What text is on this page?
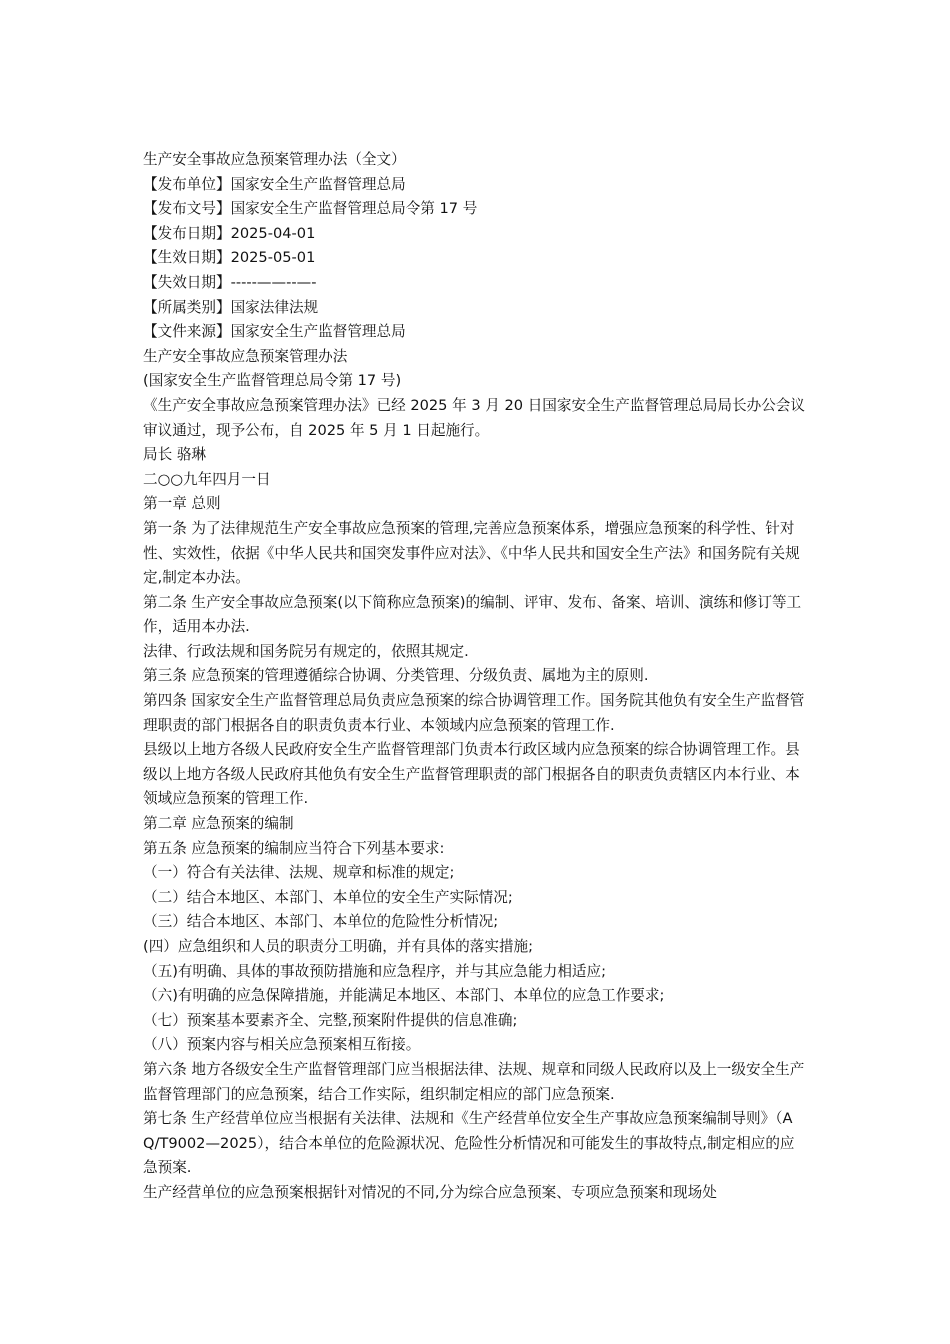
生产安全事故应急预案管理办法（全文）

【发布单位】国家安全生产监督管理总局

【发布文号】国家安全生产监督管理总局令第 17 号

【发布日期】2025-04-01

【生效日期】2025-05-01

【失效日期】-----——--—-

【所属类别】国家法律法规

【文件来源】国家安全生产监督管理总局

生产安全事故应急预案管理办法

(国家安全生产监督管理总局令第 17 号)

《生产安全事故应急预案管理办法》已经 2025 年 3 月 20 日国家安全生产监督管理总局局长办公会议审议通过，现予公布，自 2025 年 5 月 1 日起施行。

局长 骆琳

二○○九年四月一日

第一章 总则

第一条 为了法律规范生产安全事故应急预案的管理,完善应急预案体系，增强应急预案的科学性、针对性、实效性，依据《中华人民共和国突发事件应对法》、《中华人民共和国安全生产法》和国务院有关规定,制定本办法。

第二条 生产安全事故应急预案(以下简称应急预案)的编制、评审、发布、备案、培训、演练和修订等工作，适用本办法.

法律、行政法规和国务院另有规定的，依照其规定.

第三条 应急预案的管理遵循综合协调、分类管理、分级负责、属地为主的原则.

第四条 国家安全生产监督管理总局负责应急预案的综合协调管理工作。国务院其他负有安全生产监督管理职责的部门根据各自的职责负责本行业、本领域内应急预案的管理工作.

县级以上地方各级人民政府安全生产监督管理部门负责本行政区域内应急预案的综合协调管理工作。县级以上地方各级人民政府其他负有安全生产监督管理职责的部门根据各自的职责负责辖区内本行业、本领域应急预案的管理工作.

第二章 应急预案的编制

第五条 应急预案的编制应当符合下列基本要求:

（一）符合有关法律、法规、规章和标准的规定;

（二）结合本地区、本部门、本单位的安全生产实际情况;

（三）结合本地区、本部门、本单位的危险性分析情况;

(四）应急组织和人员的职责分工明确，并有具体的落实措施;

（五)有明确、具体的事故预防措施和应急程序，并与其应急能力相适应;

（六)有明确的应急保障措施，并能满足本地区、本部门、本单位的应急工作要求;

（七）预案基本要素齐全、完整,预案附件提供的信息准确;

（八）预案内容与相关应急预案相互衔接。

第六条 地方各级安全生产监督管理部门应当根据法律、法规、规章和同级人民政府以及上一级安全生产监督管理部门的应急预案，结合工作实际，组织制定相应的部门应急预案.

第七条 生产经营单位应当根据有关法律、法规和《生产经营单位安全生产事故应急预案编制导则》（AQ/T9002—2025），结合本单位的危险源状况、危险性分析情况和可能发生的事故特点,制定相应的应急预案.

生产经营单位的应急预案根据针对情况的不同,分为综合应急预案、专项应急预案和现场处
